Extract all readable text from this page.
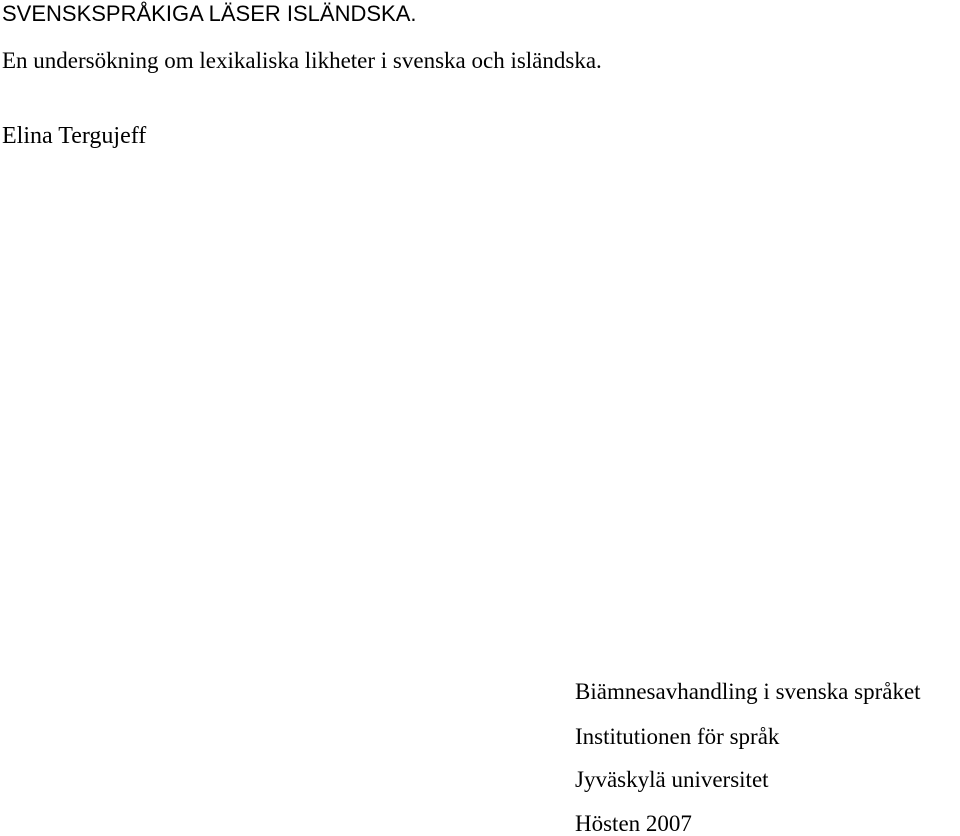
SVENSKSPRÅKIGA LÄSER ISLÄNDSKA.

En undersökning om lexikaliska likheter i svenska och isländska.

Elina Tergujeff

Biämnesavhandling i svenska språket

Institutionen för språk

Jyväskylä universitet

Hösten 2007
